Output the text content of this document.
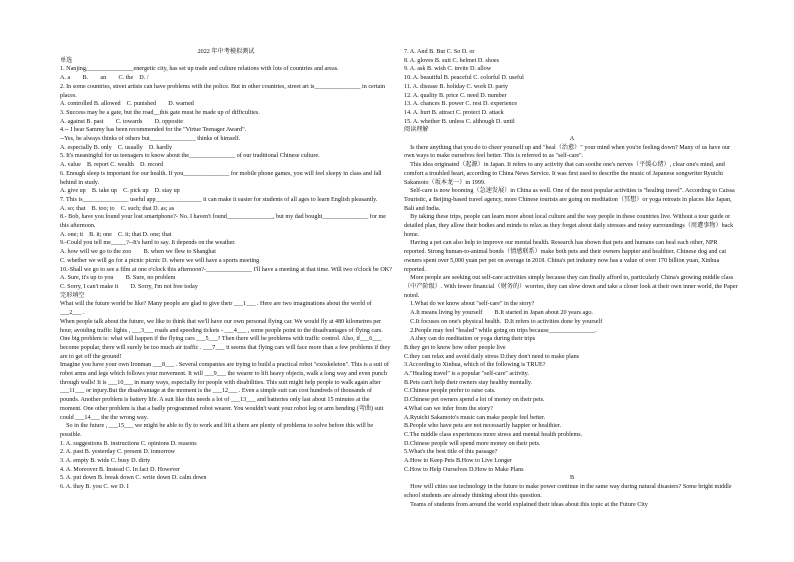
2022 年中考模拟测试

单选

1. Nanjing,_______________energetic city, has set up trade and culture relations with lots of countries and areas.

A. a        B.        an        C. the    D. /

2. In some countries, street artists can have problems with the police. But in other countries, street art is_______________ in certain places.

A. controlled B. allowed    C. punished        D. warned

3. Success may be a gate, but the road__this gate must be made up of difficulties.

A. against B. past        C. towards        D. opposite

4.-- I hear Sammy has been recommended for the "Virtue Teenager Award".

--Yes, he always thinks of others but_______________ thinks of himself.

A. especially B. only    C. usually    D. hardly

5. It's meaningful for us teenagers to know about the_______________ of our traditional Chinese culture.

A. value    B. report C. wealth    D. record

6. Enough sleep is important for our health. If you_______________ for mobile phone games, you will feel sleepy in class and fall behind in study.

A. give up    B. take up    C. pick up    D. stay up

7. This is_______________ useful app_______________ it can make it easier for students of all ages to learn English pleasantly.

A. so; that    B. too; to    C. such; that D. as; as

8.- Bob, have you found your lost smartphone?- No. I haven't found_______________, but my dad bought_______________ for me this afternoon.

A. one; it    B. it; one    C. it; that D. one; that

9.-Could you tell me_____?--It's hard to say. It depends on the weather.

A. how will we go to the zoo        B. when we flew to Shanghai

C. whether we will go for a picnic picnic D. where we will have a sports meeting

10.-Shall we go to see a film at one o'clock this afternoon?-_______________ I'll have a meeting at that time. Will two o'clock be OK?

A. Sure, it's up to you        B. Sure, no problem

C. Sorry, I can't make it        D. Sorry, I'm not free today

完形填空

What will the future world be like? Many people are glad to give their ___1___ . Here are two imaginations about the world of ___2___ .

When people talk about the future, we like to think that we'll have our own personal flying car. We would fly at 480 kilometres per hour, avoiding traffic lights , ___3___ roads and speeding tickets - ___4___ , some people point to the disadvantages of flying cars. One big problem is: what will happen if the flying cars ___5___? Then there will be problems with traffic control. Also, if___6___ become popular, there will surely be too much air traffic . ___7___ it seems that flying cars will face more than a few problems if they are to get off the ground!

Imagine you have your own Ironman ___8___ . Several companies are trying to build a practical robot "exoskeleton". This is a suit of robot arms and legs which follows your movement. It will ___9___ the wearer to lift heavy objects, walk a long way and even punch through walls! It is ___10___ in many ways, especially for people with disabilities. This suit might help people to walk again after ___11___ or injury.But the disadvantage at the moment is the ___12___ . Even a simple suit can cost hundreds of thousands of pounds. Another problem is battery life. A suit like this needs a lot of ___13___ and batteries only last about 15 minutes at the moment. One other problem is that a badly programmed robot wearer. You wouldn't want your robot leg or arm bending (弯曲) suit could ___14___ the the wrong way.

So in the future , ___15___ we might be able to fly to work and lift a there are plenty of problems to solve before this will be possible.

1. A. suggestions B. instructions C. opinions D. reasons

2. A. past B. yesterday C. present D. tomorrow

3. A. empty B. wide C. busy D. dirty

4. A. Moreover B. Instead C. In fact D. However

5. A. put down B. break down C. write down D. calm down

6. A. they B. you C. we D. I

7. A. And B. But C. So D. or

8. A. gloves B. suit C. helmet D. shoes

9. A. ask B. wish C. invite D. allow

10. A. beautiful B. peaceful C. colorful D. useful

11. A. disease B. holiday C. work D. party

12. A. quality B. price C. need D. number

13. A. chances B. power C. rest D. experience

14. A. hurt B. attract C. protect D. attack

15. A. whether B. unless C. although D. until

阅读理解

A

Is there anything that you do to cheer yourself up and "heal（治愈）" your mind when you're feeling down? Many of us have our own ways to make ourselves feel better. This is referred to as "self-care".

This idea originated（起源）in Japan. It refers to any activity that can soothe one's nerves（平缓心绪）, clear one's mind, and comfort a troubled heart, according to China News Service. It was first used to describe the music of Japanese songwriter Ryuichi Sakamoto（坂本龙一）in 1999.

Self-care is now booming（急速发展）in China as well. One of the most popular activities is "healing travel". According to Caissa Touristic, a Beijing-based travel agency, more Chinese tourists are going on meditation（冥想）or yoga retreats in places like Japan, Bali and India.

By taking these trips, people can learn more about local culture and the way people in these countries live. Without a tour guide or detailed plan, they allow their bodies and minds to relax as they forget about daily stresses and noisy surroundings（周遭事物）back home.

Having a pet can also help to improve our mental health. Research has shown that pets and humans can heal each other, NPR reported. Strong human-to-animal bonds（情感联系）make both pets and their owners happier and healthier. Chinese dog and cat owners spent over 5,000 yuan per pet on average in 2018. China's pet industry now has a value of over 170 billion yuan, Xinhua reported.

More people are seeking out self-care activities simply because they can finally afford to, particularly China's growing middle class（中产阶级）. With fewer financial（财务的）worries, they can slow down and take a closer look at their own inner world, the Paper noted.

1.What do we know about "self-care" in the story?

A.It means living by yourself        B.It started in Japan about 20 years ago.

C.It focuses on one's physical health.  D.It refers to activities done by yourself

2.People may feel "healed" while going on trips because_______________.

A.they can do meditation or yoga during their trips

B.they get to know how other people live

C.they can relax and avoid daily stress D.they don't need to make plans

3.According to Xinhua, which of the following is TRUE?

A."Healing travel" is a popular "self-care" activity.

B.Pets can't help their owners stay healthy mentally.

C.Chinese people prefer to raise cats.

D.Chinese pet owners spend a lot of money on their pets.

4.What can we infer from the story?

A.Ryuichi Sakamoto's music can make people feel better.

B.People who have pets are not necessarily happier or healthier.

C.The middle class experiences more stress and mental health problems.

D.Chinese people will spend more money on their pets.

5.What's the best title of this passage?

A.How to Keep Pets B.How to Live Longer

C.How to Help Ourselves D.How to Make Plans

B

How will cities use technology in the future to make power continue in the same way during natural disasters? Some bright middle school students are already thinking about this question.

Teams of students from around the world explained their ideas about this topic at the Future City
